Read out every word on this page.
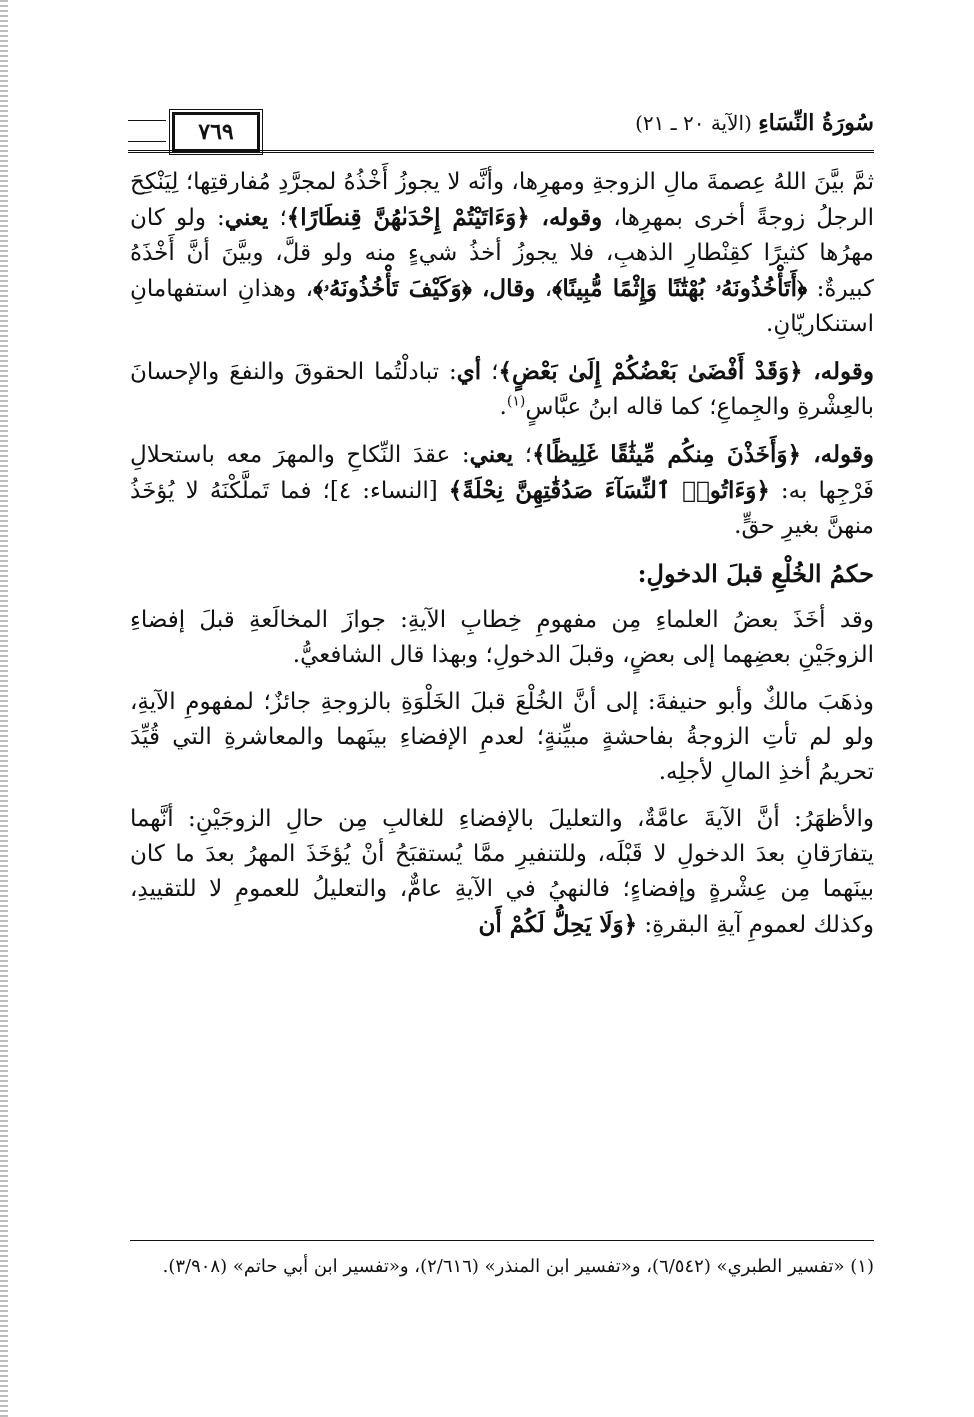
٧٦٩	سُورَةُ النِّسَاءِ (الآية ٢٠ ـ ٢١)

ثمَّ بيَّنَ اللهُ عِصمةَ مالِ الزوجةِ ومهرِها، وأنَّه لا يجوزُ أَخْذُهُ لمجرَّدِ مُفارقتِها؛ لِيَنْكِحَ الرجلُ زوجةً أخرى بمهرِها، وقوله، ﴿وَءَاتَيْتُمْ إِحْدَىٰهُنَّ قِنطَارًا﴾؛ يعني: ولو كان مهرُها كثيرًا كقِنْطارِ الذهبِ، فلا يجوزُ أخذُ شيءٍ منه ولو قلَّ، وبيَّنَ أنَّ أَخْذَهُ كبيرةٌ: ﴿أَتَأْخُذُونَهُۥ بُهْتَٰنًا وَإِثْمًا مُّبِينًا﴾، وقال، ﴿وَكَيْفَ تَأْخُذُونَهُۥ﴾، وهذانِ استفهامانِ استنكاريّانِ.

وقوله، ﴿وَقَدْ أَفْضَىٰ بَعْضُكُمْ إِلَىٰ بَعْضٍ﴾؛ أي: تبادلْتُما الحقوقَ والنفعَ والإحسانَ بالعِشْرةِ والجِماعِ؛ كما قاله ابنُ عبَّاسٍ$^{(١)}$.

وقوله، ﴿وَأَخَذْنَ مِنكُم مِّيثَٰقًا غَلِيظًا﴾؛ يعني: عقدَ النِّكاحِ والمهرَ معه باستحلالِ فَرْجِها به: ﴿وَءَاتُوا۟ ٱلنِّسَآءَ صَدُقَٰتِهِنَّ نِحْلَةً﴾ [النساء: ٤]؛ فما تَملَّكْنَهُ لا يُؤخَذُ منهنَّ بغيرِ حقٍّ.

حكمُ الخُلْعِ قبلَ الدخولِ:

وقد أخَذَ بعضُ العلماءِ مِن مفهومِ خِطابِ الآيةِ: جوازَ المخالَعةِ قبلَ إفضاءِ الزوجَيْنِ بعضِهما إلى بعضٍ، وقبلَ الدخولِ؛ وبهذا قال الشافعيُّ.

وذهَبَ مالكٌ وأبو حنيفةَ: إلى أنَّ الخُلْعَ قبلَ الخَلْوَةِ بالزوجةِ جائزٌ؛ لمفهومِ الآيةِ، ولو لم تأتِ الزوجةُ بفاحشةٍ مبيِّنةٍ؛ لعدمِ الإفضاءِ بينَهما والمعاشرةِ التي قُيِّدَ تحريمُ أخذِ المالِ لأجلِه.

والأظهَرُ: أنَّ الآيةَ عامَّةٌ، والتعليلَ بالإفضاءِ للغالبِ مِن حالِ الزوجَيْنِ: أنَّهما يتفارَقانِ بعدَ الدخولِ لا قَبْلَه، وللتنفيرِ ممَّا يُستقبَحُ أنْ يُؤخَذَ المهرُ بعدَ ما كان بينَهما مِن عِشْرةٍ وإفضاءٍ؛ فالنهيُ في الآيةِ عامٌّ، والتعليلُ للعمومِ لا للتقييدِ، وكذلك لعمومِ آيةِ البقرةِ: ﴿وَلَا يَحِلُّ لَكُمْ أَن

(١) «تفسير الطبري» (٦/٥٤٢)، و«تفسير ابن المنذر» (٢/٦١٦)، و«تفسير ابن أبي حاتم» (٣/٩٠٨).
